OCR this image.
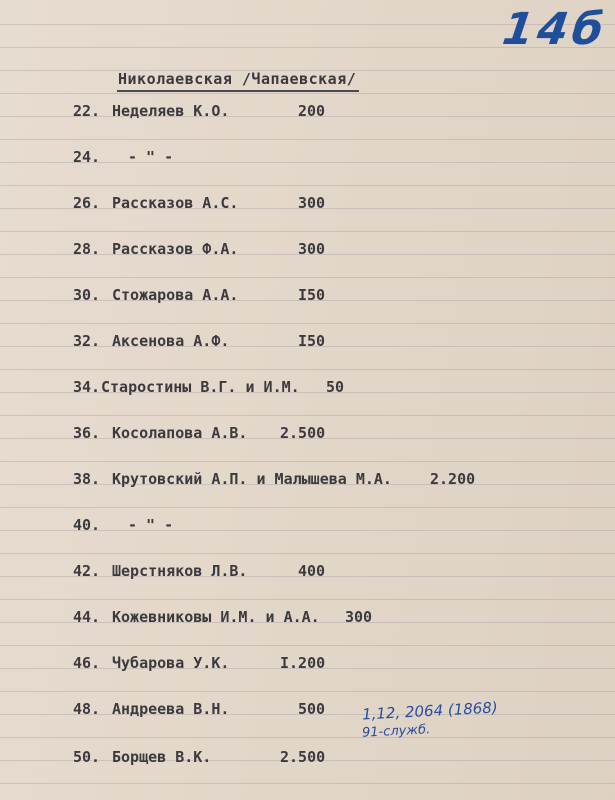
14б
Николаевская /Чапаевская/
22. Неделяев К.О.	200
24. - " -
26. Рассказов А.С.	300
28. Рассказов Ф.А.	300
30. Стожарова А.А.	I50
32. Аксенова А.Ф.	I50
34. Старостины В.Г. и И.М. 50
36. Косолапова А.В. 2.500
38. Крутовский А.П. и Малышева М.А.	2.200
40. - " -
42. Шерстняков Л.В.	400
44. Кожевниковы И.М. и А.А. 300
46. Чубарова У.К.	I.200
48. Андреева В.Н.	500
50. Борщев В.К.	2.500
1,12, 2064 (1868)
91-служб.
